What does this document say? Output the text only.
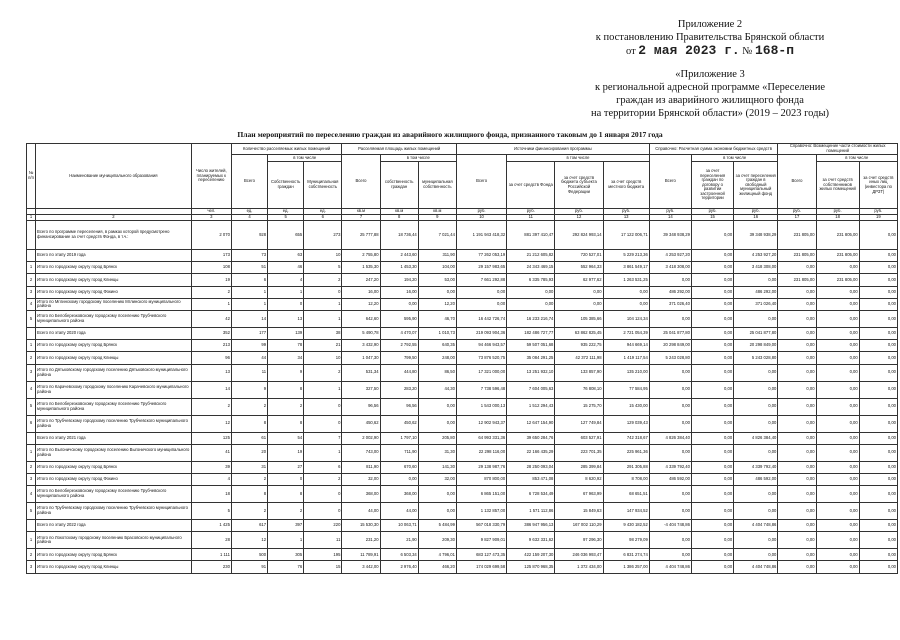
Приложение 2
к постановлению Правительства Брянской области
от 2 мая 2023 г. № 168-п
«Приложение 3
к региональной адресной программе «Переселение
граждан из аварийного жилищного фонда
на территории Брянской области» (2019 – 2023 годы)
План мероприятий по переселению граждан из аварийного жилищного фонда, признанного таковым до 1 января 2017 года
№ п/п	Наименование муниципального образования	Число жителей, планируемых к переселению	Количество расселяемых жилых помещений			Расселяемая площадь жилых помещений			Источники финансирования программы				Справочно: Расчетная сумма экономии бюджетных средств			Справочно: Возмещение части стоимости жилых помещений		
			Всего	в том числе		Всего	в том числе		Всего	в том числе			Всего	в том числе		Всего	в том числе	
				Собственность граждан	Муниципальная собственность		собственность граждан	муниципальная собственность		за счет средств Фонда	за счет средств бюджета субъекта Российской Федерации	за счет средств местного бюджета		за счет переселения граждан по договору о развитии застроенной территории	за счет переселения граждан в свободный муниципальный жилищный фонд		за счет средств собственников жилых помещений	за счет средств иных лиц (инвестора по ДРЗТ)
		чел.	ед.	ед.	ед.	кв.м	кв.м	кв.м	руб.	руб.	руб.	руб.	руб.	руб.	руб.	руб.	руб.	руб.
1	2	3	4	5	6	7	8	9	10	11	12	13	14	15	16	17	18	19
	Всего по программе переселения, в рамках которой предусмотрено финансирование за счет средств Фонда, в т.ч.:	2 070	928	655	273	25 777,88	18 736,44	7 021,44	1 191 943 418,32	881 397 410,47	292 824 993,14	17 122 006,71	39 348 938,29	0,00	39 348 938,29	231 805,00	231 805,00	0,00
	Всего по этапу 2019 года	173	73	63	10	2 755,80	2 443,60	311,90	77 262 053,19	21 212 605,82	720 527,01	5 229 213,36	4 253 927,20	0,00	4 253 927,20	231 805,00	231 805,00	0,00
1	Итого по городскому округу город Брянск	108	51	46	5	1 535,30	1 453,30	104,00	29 157 983,65	24 343 469,15	552 964,33	3 861 549,17	3 418 308,00	0,00	3 418 308,00	0,00	0,00	0,00
2	Итого по городскому округу город Клинцы	19	6	4	2	247,20	194,20	53,00	7 661 292,88	6 335 785,93	62 977,62	1 263 531,25	0,00	0,00	0,00	231 805,00	231 805,00	0,00
3	Итого по городскому округу город Фокино	2	1	1	0	16,00	16,00	0,00	0,00	0,00	0,00	0,00	486 292,00	0,00	486 292,00	0,00	0,00	0,00
4	Итого по Мглинскому городскому поселению Мглинского муниципального района	1	1	0	1	12,20	0,00	12,20	0,00	0,00	0,00	0,00	371 026,40	0,00	371 026,40	0,00	0,00	0,00
5	Итого по Белоберезковскому городскому поселению Трубчевского муниципального района	42	14	13	1	642,60	595,90	46,70	16 442 726,74	16 233 216,74	105 385,66	104 124,34	0,00	0,00	0,00	0,00	0,00	0,00
	Всего по этапу 2020 года	352	177	139	38	5 490,78	4 470,07	1 010,73	219 093 904,36	182 486 727,77	63 862 825,45	2 721 054,39	25 041 877,80	0,00	25 041 877,80	0,00	0,00	0,00
1	Итого по городскому округу город Брянск	213	99	78	21	3 432,90	2 792,55	640,35	94 466 943,57	59 507 051,68	935 222,75	944 669,14	20 298 849,00	0,00	20 298 849,00	0,00	0,00	0,00
2	Итого по городскому округу город Клинцы	96	44	34	10	1 047,30	799,50	248,00	73 876 520,75	35 084 291,25	42 372 111,98	1 419 117,54	5 243 028,80	0,00	5 243 028,80	0,00	0,00	0,00
3	Итого по Дятьковскому городскому поселению Дятьковского муниципального района	13	11	9	2	531,34	444,80	86,50	17 321 000,00	13 251 932,10	133 857,90	135 210,00	0,00	0,00	0,00	0,00	0,00	0,00
4	Итого по Карачевскому городскому поселению Карачевского муниципального района	14	9	8	1	327,50	283,20	44,30	7 738 596,48	7 604 005,63	76 808,10	77 584,95	0,00	0,00	0,00	0,00	0,00	0,00
5	Итого по Белоберезковскому городскому поселению Трубчевского муниципального района	2	2	2	0	96,56	96,56	0,00	1 543 000,13	1 512 294,43	15 275,70	15 430,00	0,00	0,00	0,00	0,00	0,00	0,00
6	Итого по Трубчевскому городскому поселению Трубчевского муниципального района	12	8	8	0	450,62	450,62	0,00	12 902 943,37	12 647 154,90	127 749,84	129 039,43	0,00	0,00	0,00	0,00	0,00	0,00
	Всего по этапу 2021 года	125	61	54	7	2 002,90	1 797,10	205,80	64 993 331,36	39 650 284,76	603 527,91	742 318,67	4 826 384,40	0,00	4 826 384,40	0,00	0,00	0,00
1	Итого по Выгоничскому городскому поселению Выгоничского муниципального района	41	20	19	1	743,00	711,90	31,30	22 298 116,00	22 166 435,29	223 701,35	225 961,36	0,00	0,00	0,00	0,00	0,00	0,00
2	Итого по городскому округу город Брянск	39	31	27	6	811,90	670,60	141,30	29 138 987,76	28 250 093,04	285 399,84	291 305,88	4 339 792,40	0,00	4 339 792,40	0,00	0,00	0,00
3	Итого по городскому округу город Фокино	4	2	0	2	32,00	0,00	32,00	870 800,00	853 471,08	8 620,92	8 708,00	486 592,00	0,00	486 592,00	0,00	0,00	0,00
4	Итого по Белоберезковскому городскому поселению Трубчевского муниципального района	18	8	8	0	368,00	368,00	0,00	6 865 151,00	6 728 534,49	67 963,99	68 651,51	0,00	0,00	0,00	0,00	0,00	0,00
5	Итого по Трубчевскому городскому поселению Трубчевского муниципального района	5	2	2	0	44,00	44,00	0,00	1 132 857,00	1 571 112,86	15 849,63	147 934,52	0,00	0,00	0,00	0,00	0,00	0,00
	Всего по этапу 2022 года	1 425	617	397	220	15 530,30	10 063,71	5 484,99	567 018 330,79	386 947 956,13	167 002 110,29	9 430 182,52	-4 404 748,86	0,00	4 404 748,86	0,00	0,00	0,00
1	Итого по Локотскому городскому поселению Брасовского муниципального района	28	12	1	11	231,20	21,90	209,30	9 827 909,01	9 632 331,62	97 296,30	98 279,09	0,00	0,00	0,00	0,00	0,00	0,00
2	Итого по городскому округу город Брянск	1 111	500	305	195	11 789,91	6 503,34	4 796,01	683 127 473,35	422 159 207,30	246 036 993,47	6 831 274,74	0,00	0,00	0,00	0,00	0,00	0,00
3	Итого по городскому округу город Клинцы	230	91	76	15	3 442,00	2 976,40	466,20	174 029 699,58	125 870 968,35	1 372 434,00	1 386 257,00	4 404 748,86	0,00	4 404 748,86	0,00	0,00	0,00
